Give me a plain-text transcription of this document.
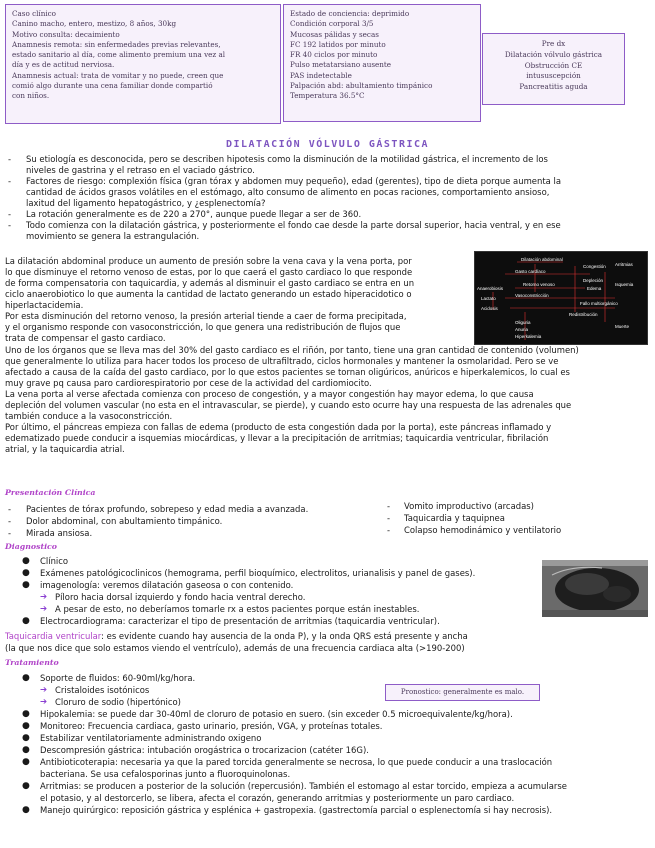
Caso clínico
Canino macho, entero, mestizo, 8 años, 30kg
Motivo consulta: decaimiento
Anamnesis remota: sin enfermedades previas relevantes,
estado sanitario al día, come alimento premium una vez al
día y es de actitud nerviosa.
Anamnesis actual: trata de vomitar y no puede, creen que
comió algo durante una cena familiar donde compartió
con niños.
Estado de conciencia: deprimido
Condición corporal 3/5
Mucosas pálidas y secas
FC 192 latidos por minuto
FR 40 ciclos por minuto
Pulso metatarsiano ausente
PAS indetectable
Palpación abd: abultamiento timpánico
Temperatura 36.5°C
Pre dx
Dilatación vólvulo gástrica
Obstrucción CE
intususcepción
Pancreatitis aguda
DILATACIÓN VÓLVULO GÁSTRICA
- Su etiología es desconocida, pero se describen hipotesis como la disminución de la motilidad gástrica, el incremento de los
niveles de gastrina y el retraso en el vaciado gástrico.
- Factores de riesgo: complexión física (gran tórax y abdomen muy pequeño), edad (gerentes), tipo de dieta porque aumenta la
cantidad de ácidos grasos volátiles en el estómago, alto consumo de alimento en pocas raciones, comportamiento ansioso,
laxitud del ligamento hepatogástrico, y ¿esplenectomía?
- La rotación generalmente es de 220 a 270°, aunque puede llegar a ser de 360.
- Todo comienza con la dilatación gástrica, y posteriormente el fondo cae desde la parte dorsal superior, hacia ventral, y en ese
movimiento se genera la estrangulación.
La dilatación abdominal produce un aumento de presión sobre la vena cava y la vena porta, por
lo que disminuye el retorno venoso de estas, por lo que caerá el gasto cardiaco lo que responde
de forma compensatoria con taquicardia, y además al disminuir el gasto cardiaco se entra en un
ciclo anaerobiotico lo que aumenta la cantidad de lactato generando un estado hiperacidotico o
hiperlactacidemia.
Por esta disminución del retorno venoso, la presión arterial tiende a caer de forma precipitada,
y el organismo responde con vasoconstricción, lo que genera una redistribución de flujos que
trata de compensar el gasto cardiaco.
Dilatación abdominal
Congestión
Depleción
Retorno venoso
Gasto cardíaco
Edema
Anaerobiosis
Lactato
Acidosis
Vasoconstricción
Redistribución
Arritmias
Isquemia
Fallo multiorgánico
Oliguria
Anuria
Hiperkalemia
Muerte
Uno de los órganos que se lleva mas del 30% del gasto cardiaco es el riñón, por tanto, tiene una gran cantidad de contenido (volumen)
que generalmente lo utiliza para hacer todos los proceso de ultrafiltrado, ciclos hormonales y mantener la osmolaridad. Pero se ve
afectado a causa de la caída del gasto cardiaco, por lo que estos pacientes se tornan oligúricos, anúricos e hiperkalemicos, lo cual es
muy grave pq causa paro cardiorespiratorio por cese de la actividad del cardiomiocito.
La vena porta al verse afectada comienza con proceso de congestión, y a mayor congestión hay mayor edema, lo que causa
depleción del volumen vascular (no esta en el intravascular, se pierde), y cuando esto ocurre hay una respuesta de las adrenales que
también conduce a la vasoconstricción.
Por último, el páncreas empieza con fallas de edema (producto de esta congestión dada por la porta), este páncreas inflamado y
edematizado puede conducir a isquemias miocárdicas, y llevar a la precipitación de arritmias; taquicardia ventricular, fibrilación
atrial, y la taquicardia atrial.
Presentación Clínica
- Pacientes de tórax profundo, sobrepeso y edad media a avanzada.
- Dolor abdominal, con abultamiento timpánico.
- Mirada ansiosa.
- Vomito improductivo (arcadas)
- Taquicardia y taquipnea
- Colapso hemodinámico y ventilatorio
Diagnostico
● Clínico
● Exámenes patológicoclinicos (hemograma, perfil bioquímico, electrolitos, urianalisis y panel de gases).
● imagenología: veremos dilatación gaseosa o con contenido.
➔ Píloro hacia dorsal izquierdo y fondo hacia ventral derecho.
➔ A pesar de esto, no deberíamos tomarle rx a estos pacientes porque están inestables.
● Electrocardiograma: caracterizar el tipo de presentación de arritmias (taquicardia ventricular).
Taquicardia ventricular: es evidente cuando hay ausencia de la onda P), y la onda QRS está presente y ancha
(la que nos dice que solo estamos viendo el ventrículo), además de una frecuencia cardiaca alta (>190-200)
Tratamiento
● Soporte de fluidos: 60-90ml/kg/hora.
➔ Cristaloides isotónicos
➔ Cloruro de sodio (hipertónico)
● Hipokalemia: se puede dar 30-40ml de cloruro de potasio en suero. (sin exceder 0.5 microequivalente/kg/hora).
● Monitoreo: Frecuencia cardiaca, gasto urinario, presión, VGA, y proteínas totales.
● Estabilizar ventilatoriamente administrando oxigeno
● Descompresión gástrica: intubación orogástrica o trocarizacion (catéter 16G).
● Antibioticoterapia: necesaria ya que la pared torcida generalmente se necrosa, lo que puede conducir a una traslocación
bacteriana. Se usa cefalosporinas junto a fluoroquinolonas.
● Arritmias: se producen a posterior de la solución (repercusión). También el estomago al estar torcido, empieza a acumularse
el potasio, y al destorcerlo, se libera, afecta el corazón, generando arritmias y posteriormente un paro cardiaco.
● Manejo quirúrgico: reposición gástrica y esplénica + gastropexia. (gastrectomía parcial o esplenectomía si hay necrosis).
Pronostico: generalmente es malo.
